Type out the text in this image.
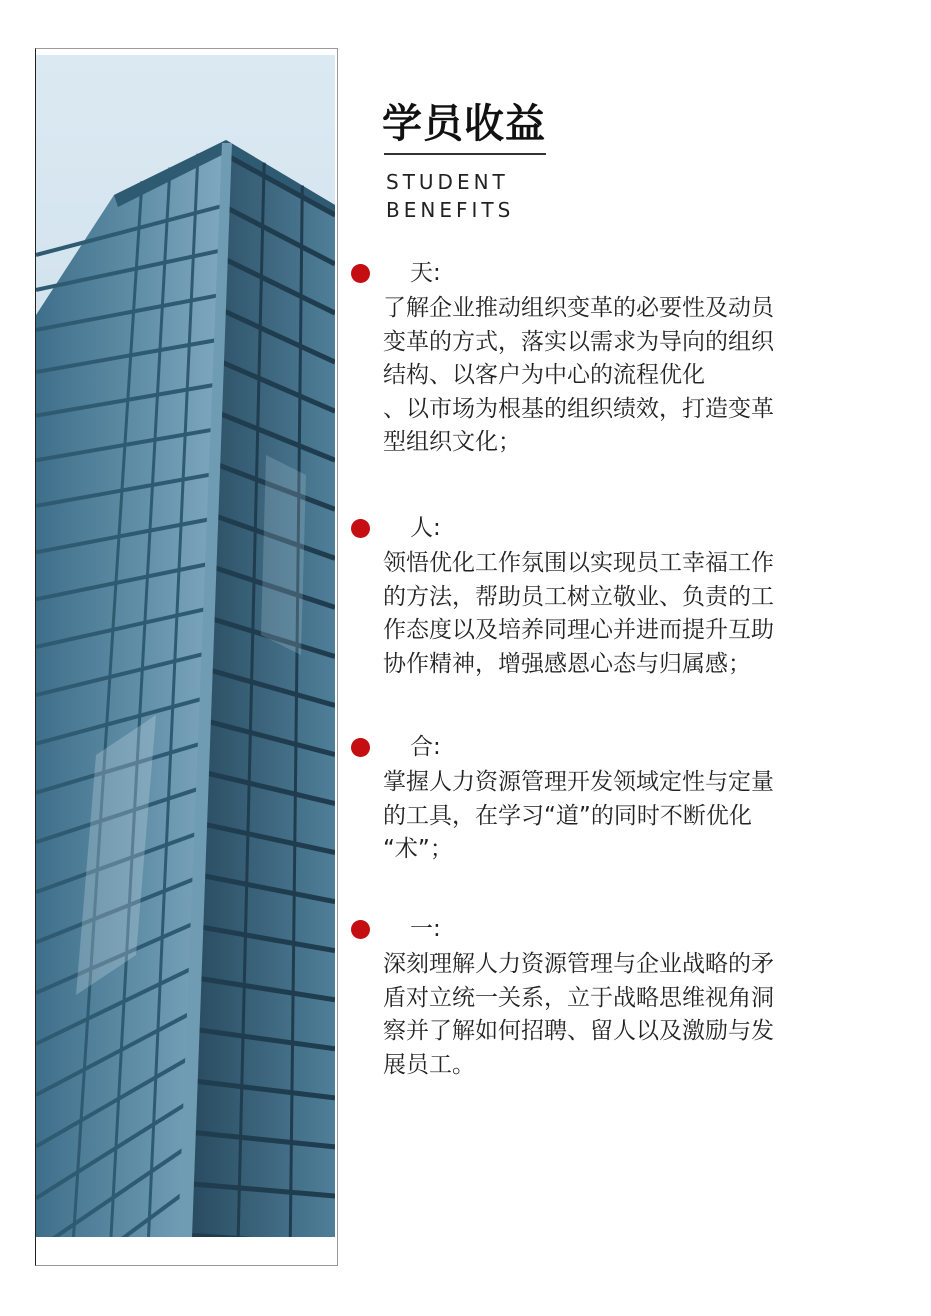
学员收益
STUDENT
BENEFITS
天:
了解企业推动组织变革的必要性及动员
变革的方式，落实以需求为导向的组织
结构、以客户为中心的流程优化
、以市场为根基的组织绩效，打造变革
型组织文化；
人:
领悟优化工作氛围以实现员工幸福工作
的方法，帮助员工树立敬业、负责的工
作态度以及培养同理心并进而提升互助
协作精神，增强感恩心态与归属感；
合:
掌握人力资源管理开发领域定性与定量
的工具，在学习“道”的同时不断优化
“术”；
一:
深刻理解人力资源管理与企业战略的矛
盾对立统一关系，立于战略思维视角洞
察并了解如何招聘、留人以及激励与发
展员工。
